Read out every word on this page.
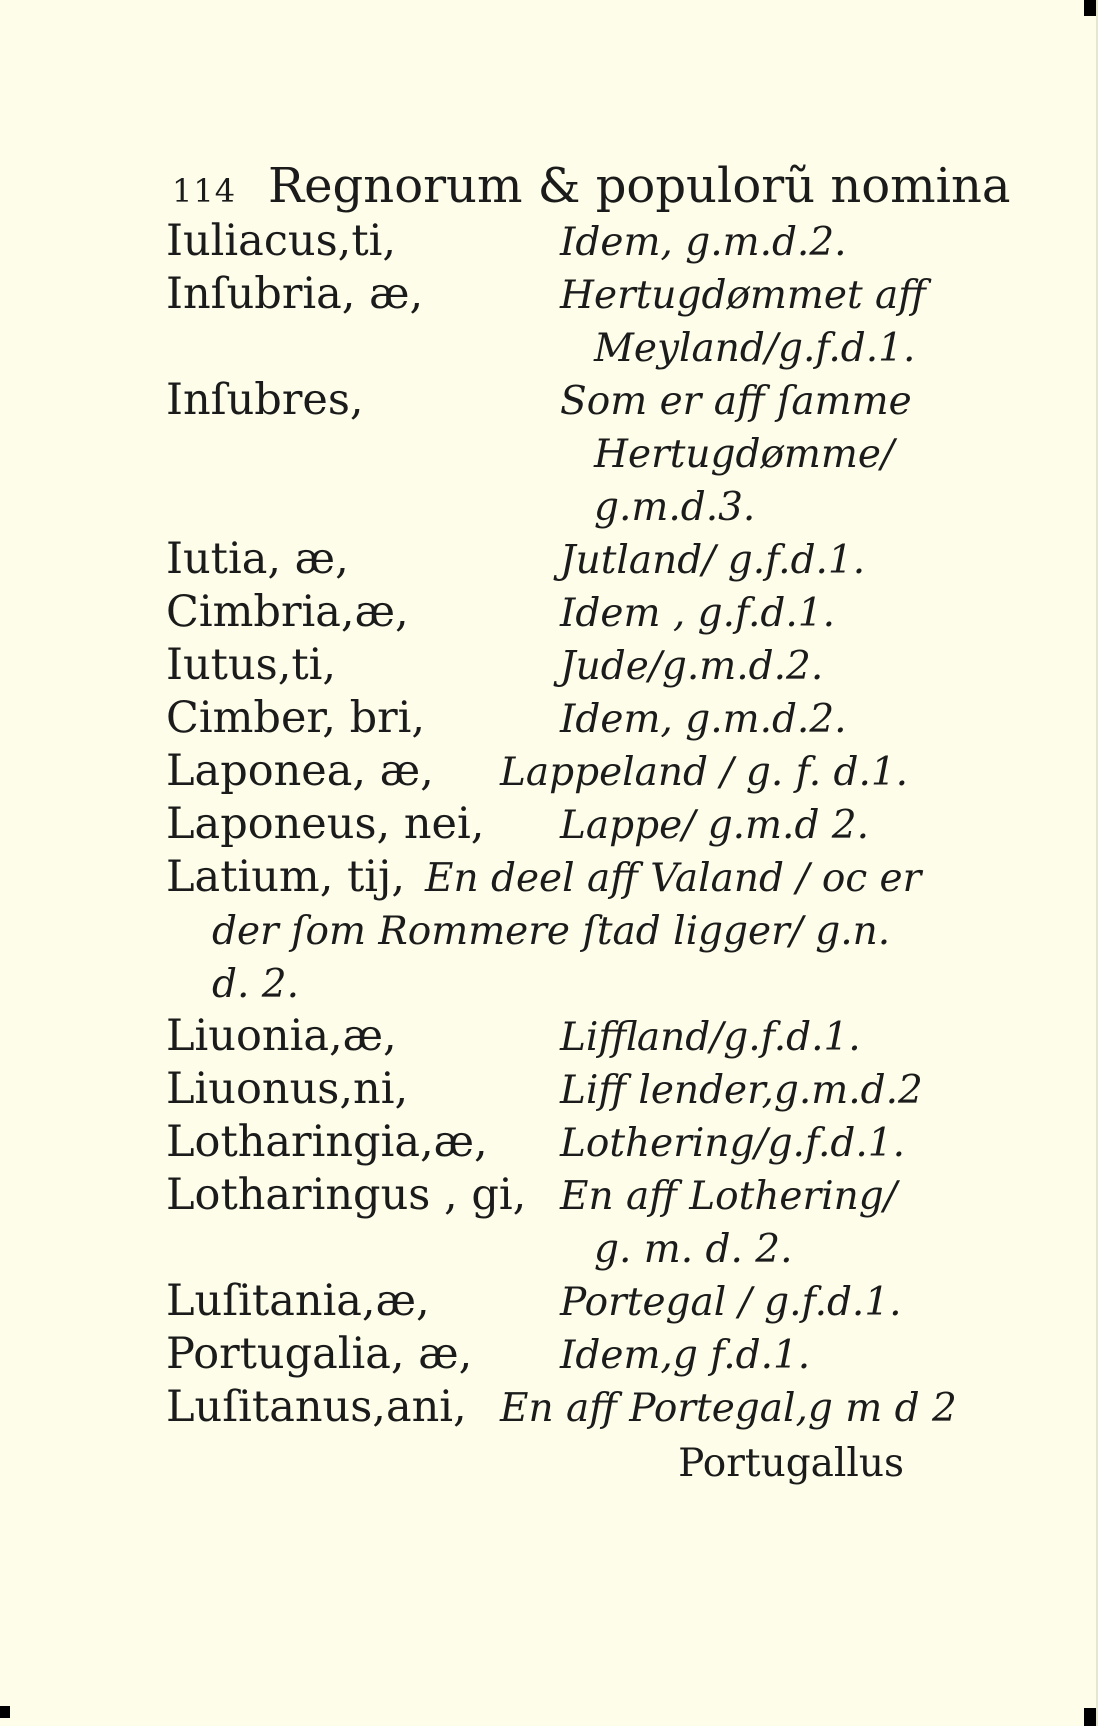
114 Regnorum & populorũ nomina
Iuliacus,ti,	Idem, g.m.d.2.
Inſubria, æ,	Hertugdømmet aff
Meyland/g.f.d.1.
Inſubres,	Som er aff ſamme
Hertugdømme/
g.m.d.3.
Iutia, æ,	Jutland/ g.f.d.1.
Cimbria,æ,	Idem , g.f.d.1.
Iutus,ti,	Jude/g.m.d.2.
Cimber, bri,	Idem, g.m.d.2.
Laponea, æ, Lappeland / g. f. d.1.
Laponeus, nei, Lappe/ g.m.d 2.
Latium, tij, En deel aff Valand / oc er
der ſom Rommere ſtad ligger/ g.n.
d. 2.
Liuonia,æ,	Liffland/g.f.d.1.
Liuonus,ni,	Liff lender,g.m.d.2
Lotharingia,æ, Lothering/g.f.d.1.
Lotharingus , gi, En aff Lothering/
g. m. d. 2.
Luſitania,æ,	Portegal / g.f.d.1.
Portugalia, æ, Idem,g f.d.1.
Luſitanus,ani, En aff Portegal,g m d 2
Portugallus
